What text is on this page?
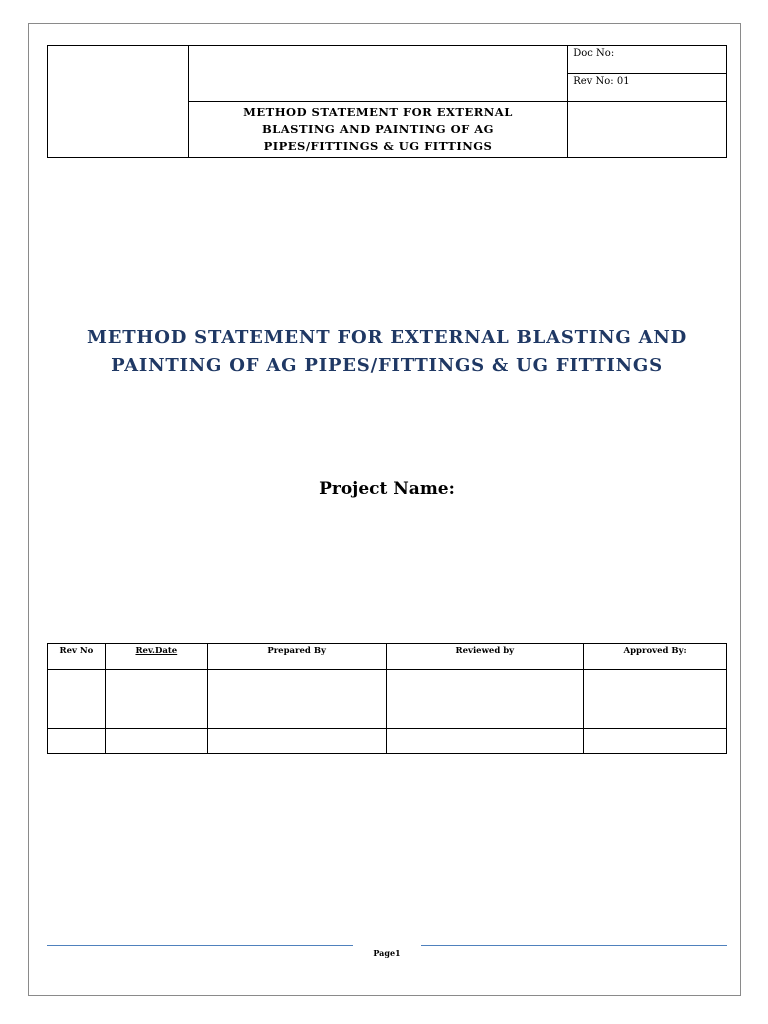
		Doc No:
		Rev No: 01

	METHOD STATEMENT FOR EXTERNAL
BLASTING AND PAINTING OF AG
PIPES/FITTINGS & UG FITTINGS	

METHOD STATEMENT FOR EXTERNAL BLASTING AND
PAINTING OF AG PIPES/FITTINGS & UG FITTINGS
Project Name:
Rev No	Rev.Date	Prepared By	Reviewed by	Approved By:

Page1
